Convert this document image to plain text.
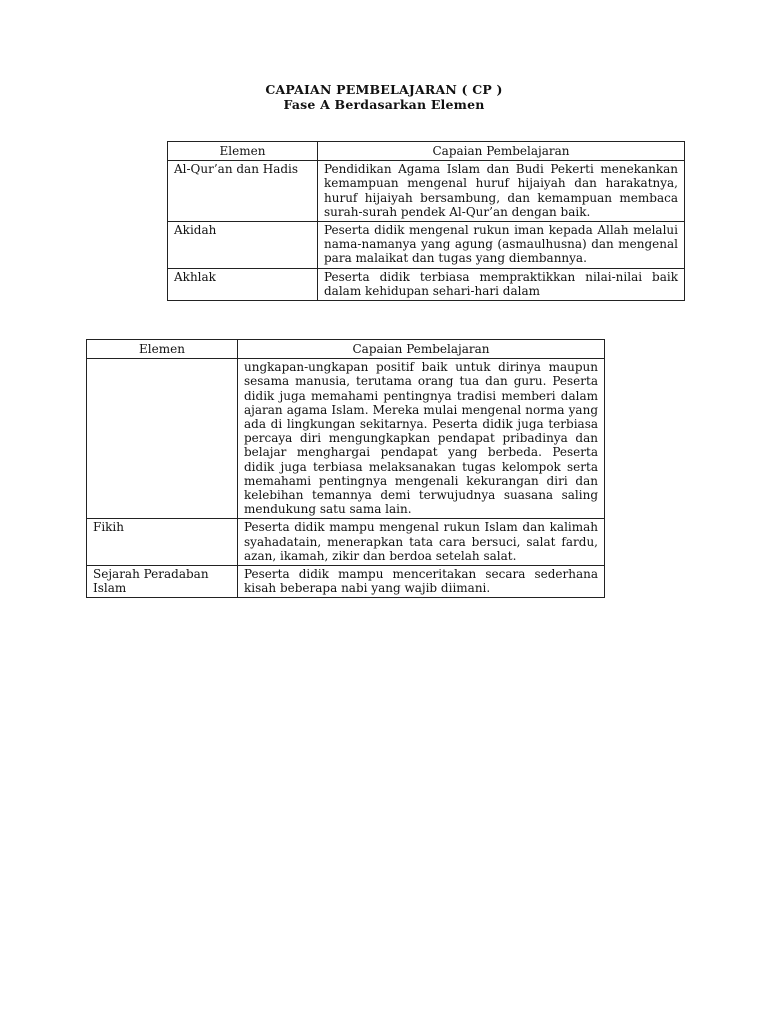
CAPAIAN PEMBELAJARAN ( CP )
Fase A Berdasarkan Elemen
Elemen	Capaian Pembelajaran
Al-Qur’an dan Hadis	Pendidikan Agama Islam dan Budi Pekerti menekankan kemampuan mengenal huruf hijaiyah dan harakatnya, huruf hijaiyah bersambung, dan kemampuan membaca surah-surah pendek Al-Qur’an dengan baik.
Akidah	Peserta didik mengenal rukun iman kepada Allah melalui nama-namanya yang agung (asmaulhusna) dan mengenal para malaikat dan tugas yang diembannya.
Akhlak	Peserta didik terbiasa mempraktikkan nilai-nilai baik dalam kehidupan sehari-hari dalam
Elemen	Capaian Pembelajaran
	ungkapan-ungkapan positif baik untuk dirinya maupun sesama manusia, terutama orang tua dan guru. Peserta didik juga memahami pentingnya tradisi memberi dalam ajaran agama Islam. Mereka mulai mengenal norma yang ada di lingkungan sekitarnya. Peserta didik juga terbiasa percaya diri mengungkapkan pendapat pribadinya dan belajar menghargai pendapat yang berbeda. Peserta didik juga terbiasa melaksanakan tugas kelompok serta memahami pentingnya mengenali kekurangan diri dan kelebihan temannya demi terwujudnya suasana saling mendukung satu sama lain.
Fikih	Peserta didik mampu mengenal rukun Islam dan kalimah syahadatain, menerapkan tata cara bersuci, salat fardu, azan, ikamah, zikir dan berdoa setelah salat.
Sejarah Peradaban Islam	Peserta didik mampu menceritakan secara sederhana kisah beberapa nabi yang wajib diimani.
